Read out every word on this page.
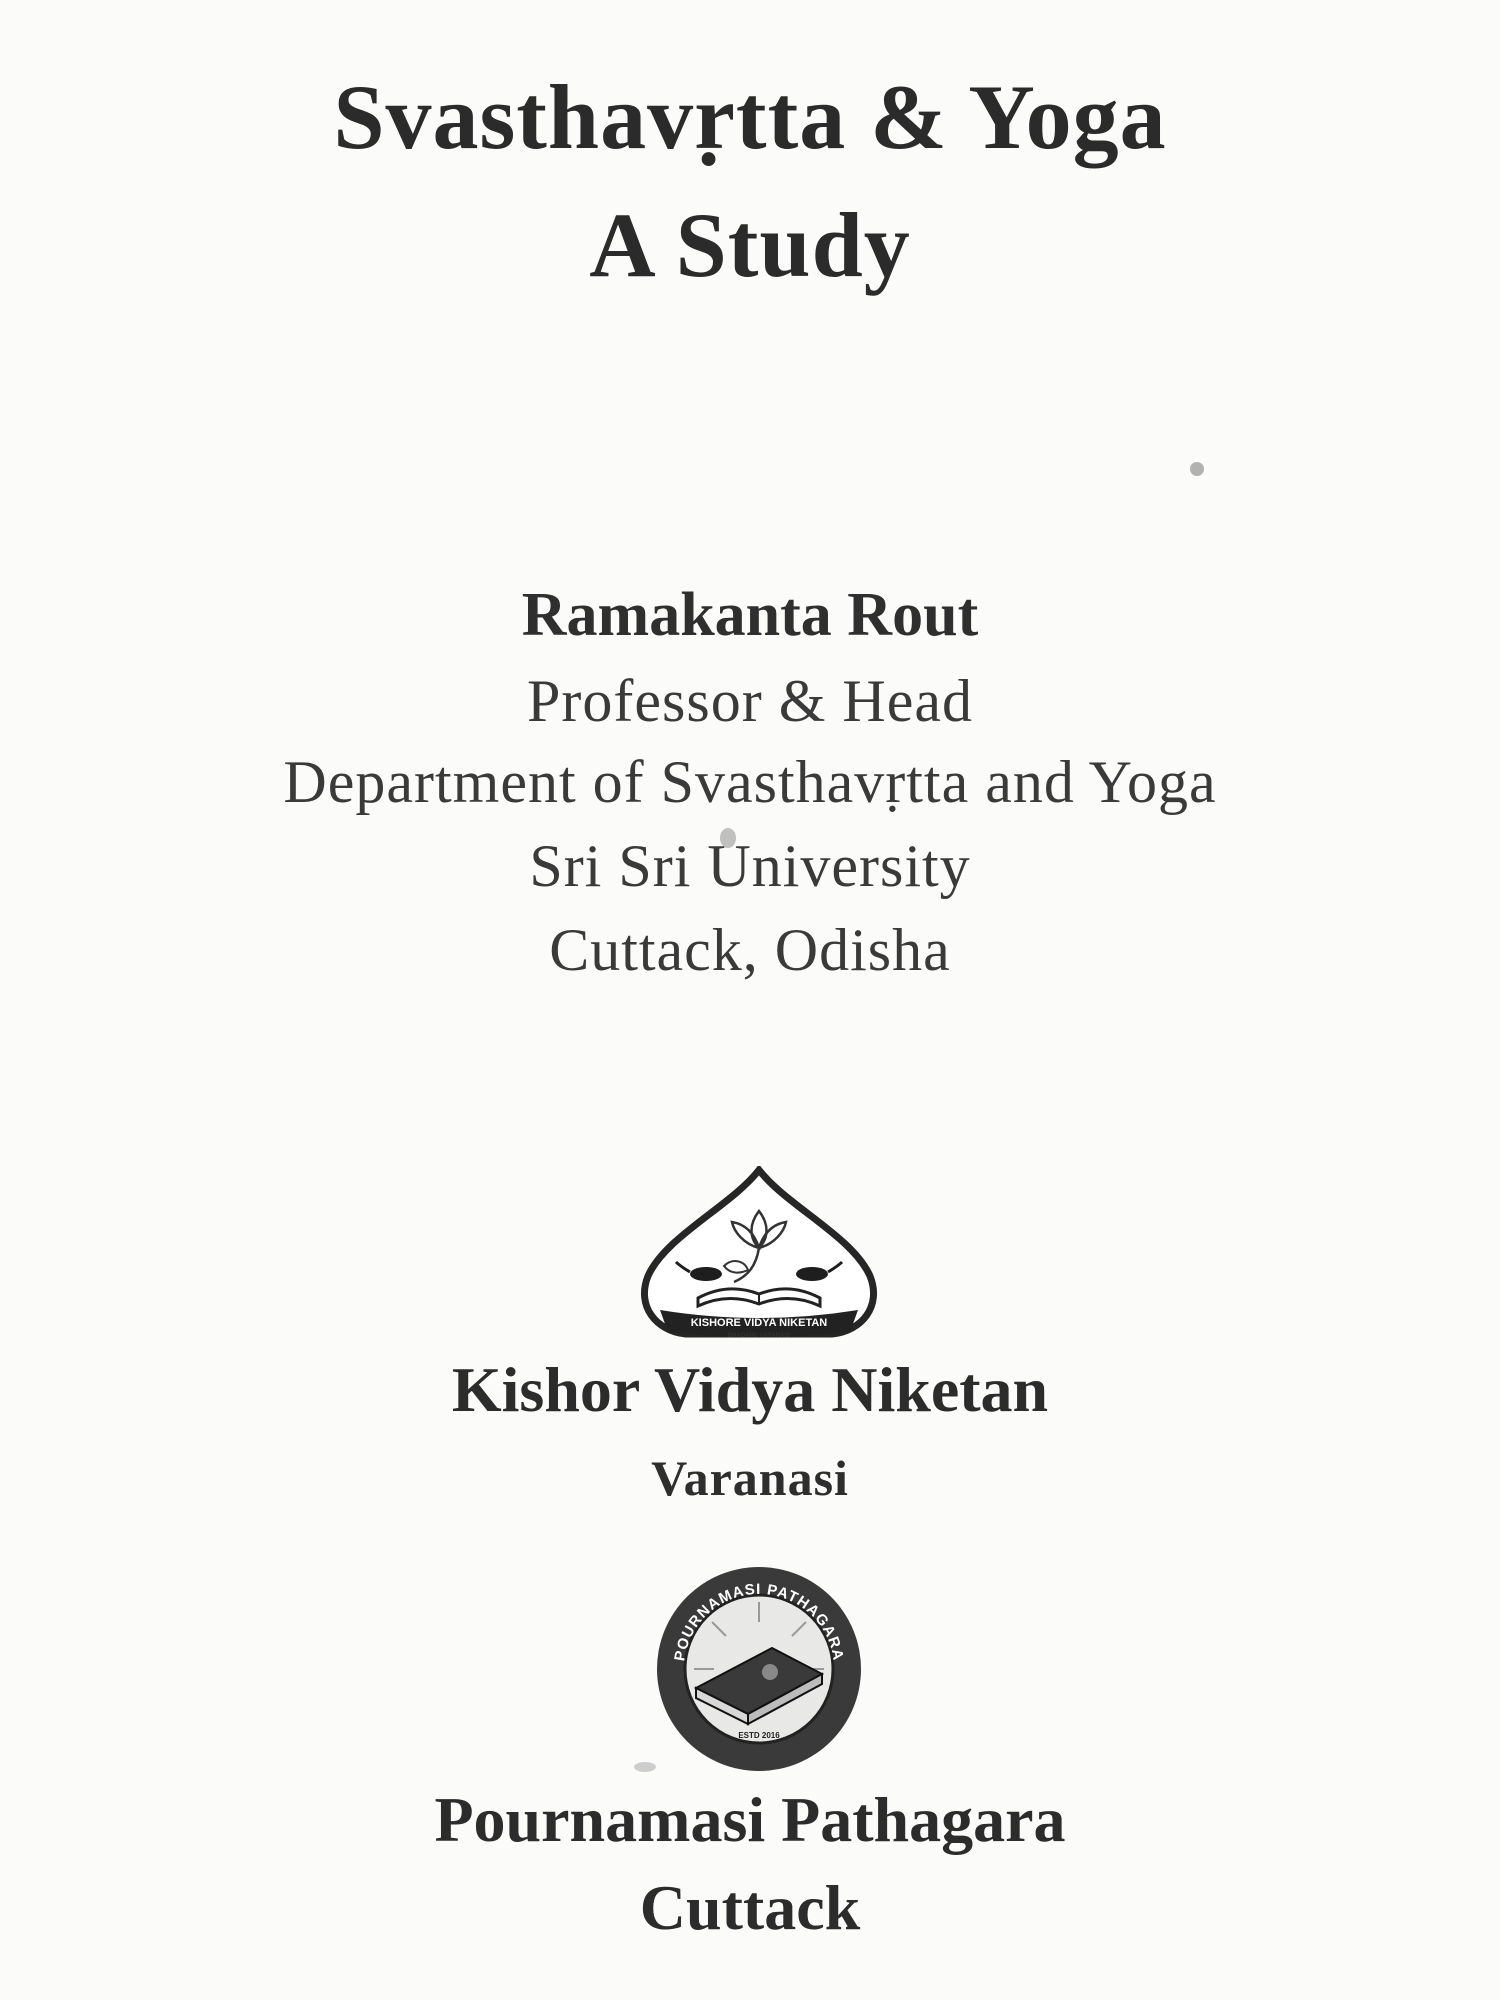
Svasthavṛtta & Yoga
A Study
Ramakanta Rout
Professor & Head
Department of Svasthavṛtta and Yoga
Sri Sri University
Cuttack, Odisha
KISHORE VIDYA NIKETAN
BHADAINI-VARANASI
Kishor Vidya Niketan
Varanasi
POURNAMASI PATHAGARA
ESTD 2016
Pournamasi Pathagara
Cuttack
